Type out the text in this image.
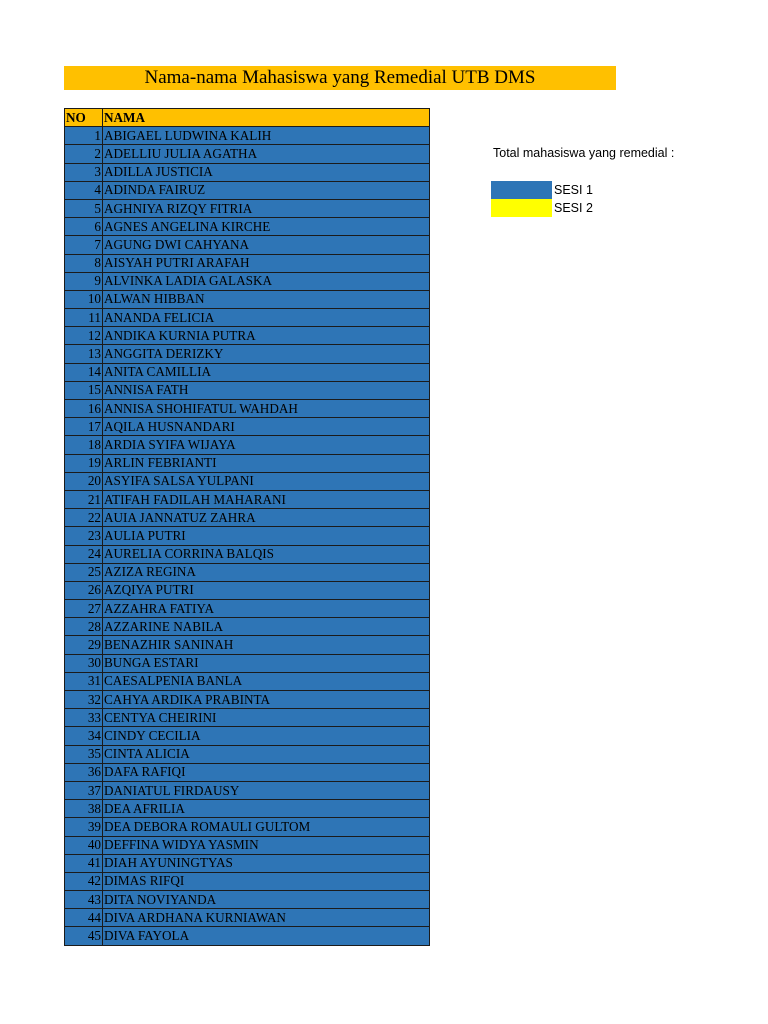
Nama-nama Mahasiswa yang Remedial UTB DMS
NO	NAMA
1	ABIGAEL LUDWINA KALIH
2	ADELLIU JULIA AGATHA
3	ADILLA JUSTICIA
4	ADINDA FAIRUZ
5	AGHNIYA RIZQY FITRIA
6	AGNES ANGELINA KIRCHE
7	AGUNG DWI CAHYANA
8	AISYAH PUTRI ARAFAH
9	ALVINKA LADIA GALASKA
10	ALWAN HIBBAN
11	ANANDA FELICIA
12	ANDIKA KURNIA PUTRA
13	ANGGITA DERIZKY
14	ANITA CAMILLIA
15	ANNISA FATH
16	ANNISA SHOHIFATUL WAHDAH
17	AQILA HUSNANDARI
18	ARDIA SYIFA WIJAYA
19	ARLIN FEBRIANTI
20	ASYIFA SALSA YULPANI
21	ATIFAH FADILAH MAHARANI
22	AUIA JANNATUZ ZAHRA
23	AULIA PUTRI
24	AURELIA CORRINA BALQIS
25	AZIZA REGINA
26	AZQIYA PUTRI
27	AZZAHRA FATIYA
28	AZZARINE NABILA
29	BENAZHIR SANINAH
30	BUNGA ESTARI
31	CAESALPENIA BANLA
32	CAHYA ARDIKA PRABINTA
33	CENTYA CHEIRINI
34	CINDY CECILIA
35	CINTA ALICIA
36	DAFA RAFIQI
37	DANIATUL FIRDAUSY
38	DEA AFRILIA
39	DEA DEBORA ROMAULI GULTOM
40	DEFFINA WIDYA YASMIN
41	DIAH AYUNINGTYAS
42	DIMAS RIFQI
43	DITA NOVIYANDA
44	DIVA ARDHANA KURNIAWAN
45	DIVA FAYOLA
Total mahasiswa yang remedial :
SESI 1
SESI 2
